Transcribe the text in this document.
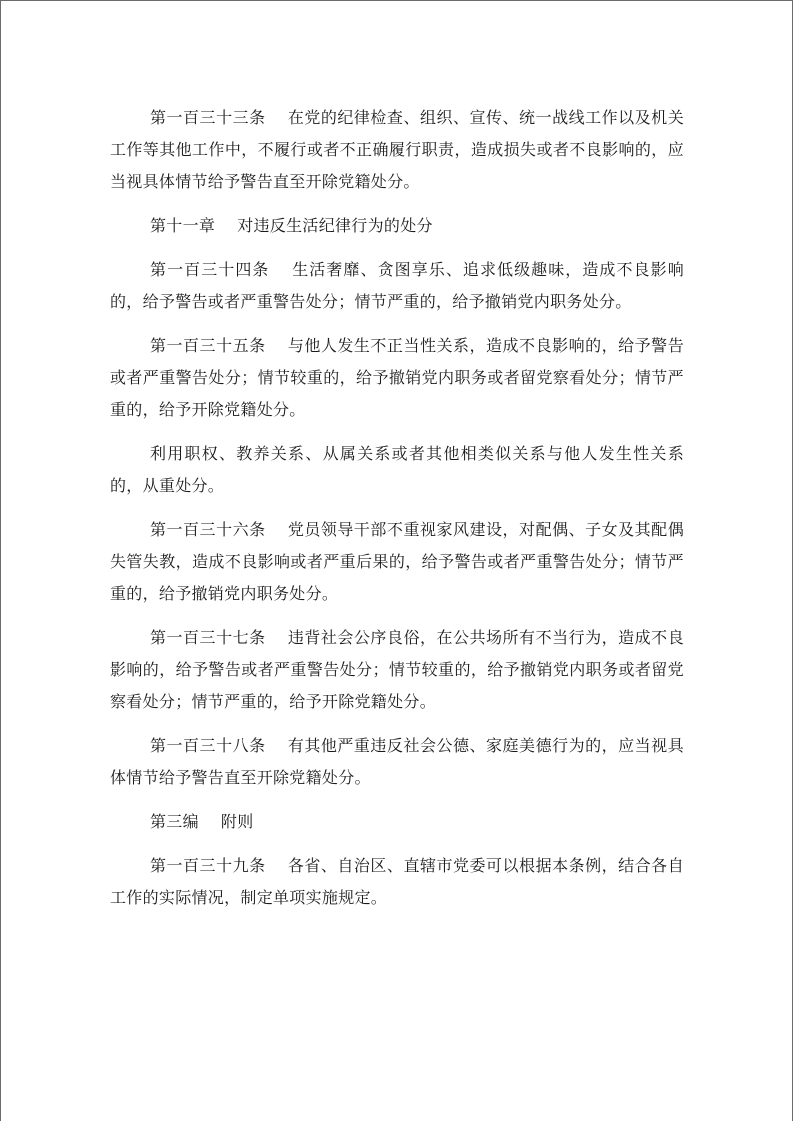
第一百三十三条 在党的纪律检查、组织、宣传、统一战线工作以及机关工作等其他工作中，不履行或者不正确履行职责，造成损失或者不良影响的，应当视具体情节给予警告直至开除党籍处分。

第十一章 对违反生活纪律行为的处分

第一百三十四条 生活奢靡、贪图享乐、追求低级趣味，造成不良影响的，给予警告或者严重警告处分；情节严重的，给予撤销党内职务处分。

第一百三十五条 与他人发生不正当性关系，造成不良影响的，给予警告或者严重警告处分；情节较重的，给予撤销党内职务或者留党察看处分；情节严重的，给予开除党籍处分。

利用职权、教养关系、从属关系或者其他相类似关系与他人发生性关系的，从重处分。

第一百三十六条 党员领导干部不重视家风建设，对配偶、子女及其配偶失管失教，造成不良影响或者严重后果的，给予警告或者严重警告处分；情节严重的，给予撤销党内职务处分。

第一百三十七条 违背社会公序良俗，在公共场所有不当行为，造成不良影响的，给予警告或者严重警告处分；情节较重的，给予撤销党内职务或者留党察看处分；情节严重的，给予开除党籍处分。

第一百三十八条 有其他严重违反社会公德、家庭美德行为的，应当视具体情节给予警告直至开除党籍处分。

第三编 附则

第一百三十九条 各省、自治区、直辖市党委可以根据本条例，结合各自工作的实际情况，制定单项实施规定。
